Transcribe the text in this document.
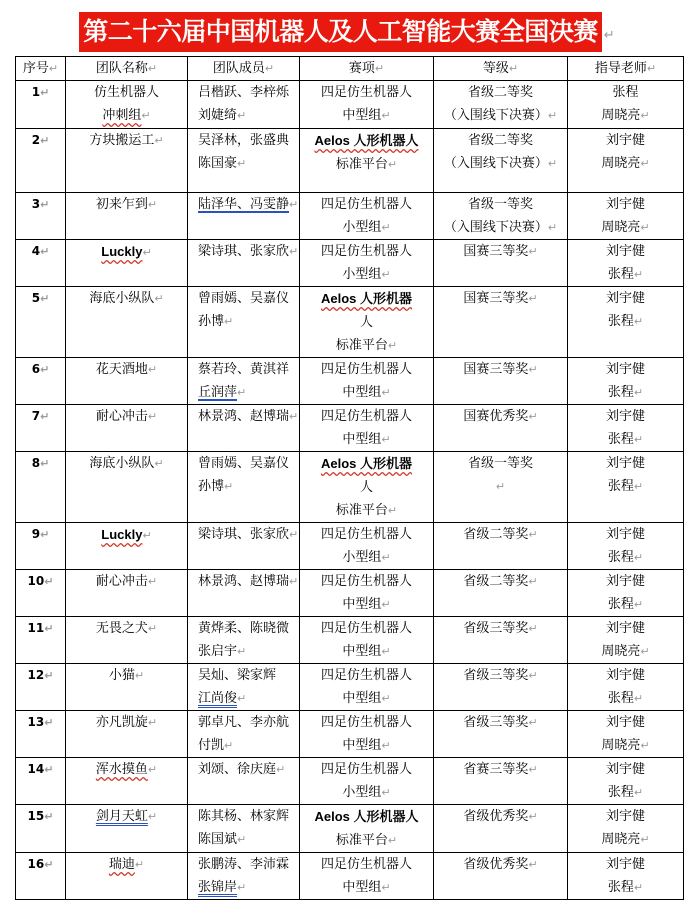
第二十六届中国机器人及人工智能大赛全国决赛 ↵
序号↵	团队名称↵	团队成员↵	赛项↵	等级↵	指导老师↵
1↵	仿生机器人
冲刺组↵	吕楷跃、李梓烁
刘婕绮↵	四足仿生机器人
中型组↵	省级二等奖
（入围线下决赛）↵	张程
周晓亮↵

2↵	方块搬运工↵	吴泽林，张盛典
陈国豪↵	Aelos 人形机器人
标准平台↵	省级二等奖
（入围线下决赛）↵	刘宇健
周晓亮↵

3↵	初来乍到↵	陆泽华、冯雯静↵	四足仿生机器人
小型组↵	省级一等奖
（入围线下决赛）↵	刘宇健
周晓亮↵

4↵	Luckly↵	梁诗琪、张家欣↵	四足仿生机器人
小型组↵	国赛三等奖↵	刘宇健
张程↵

5↵	海底小纵队↵	曾雨嫣、吴嘉仪
孙博↵	Aelos 人形机器
人
标准平台↵	国赛三等奖↵	刘宇健
张程↵

6↵	花天酒地↵	蔡若玲、黄淇祥
丘润萍↵	四足仿生机器人
中型组↵	国赛三等奖↵	刘宇健
张程↵

7↵	耐心冲击↵	林景鸿、赵博瑞↵	四足仿生机器人
中型组↵	国赛优秀奖↵	刘宇健
张程↵

8↵	海底小纵队↵	曾雨嫣、吴嘉仪
孙博↵	Aelos 人形机器
人
标准平台↵	省级一等奖
↵	刘宇健
张程↵

9↵	Luckly↵	梁诗琪、张家欣↵	四足仿生机器人
小型组↵	省级二等奖↵	刘宇健
张程↵

10↵	耐心冲击↵	林景鸿、赵博瑞↵	四足仿生机器人
中型组↵	省级二等奖↵	刘宇健
张程↵

11↵	无畏之犬↵	黄烨柔、陈晓微
张启宇↵	四足仿生机器人
中型组↵	省级三等奖↵	刘宇健
周晓亮↵

12↵	小猫↵	吴灿、梁家辉
江尚俊↵	四足仿生机器人
中型组↵	省级三等奖↵	刘宇健
张程↵

13↵	亦凡凯旋↵	郭卓凡、李亦航
付凯↵	四足仿生机器人
中型组↵	省级三等奖↵	刘宇健
周晓亮↵

14↵	浑水摸鱼↵	刘颂、徐庆庭↵	四足仿生机器人
小型组↵	省赛三等奖↵	刘宇健
张程↵

15↵	剑月天虹↵	陈其杨、林家辉
陈国斌↵	Aelos 人形机器人
标准平台↵	省级优秀奖↵	刘宇健
周晓亮↵

16↵	瑞迪↵	张鹏涛、李沛霖
张锦岸↵	四足仿生机器人
中型组↵	省级优秀奖↵	刘宇健
张程↵
